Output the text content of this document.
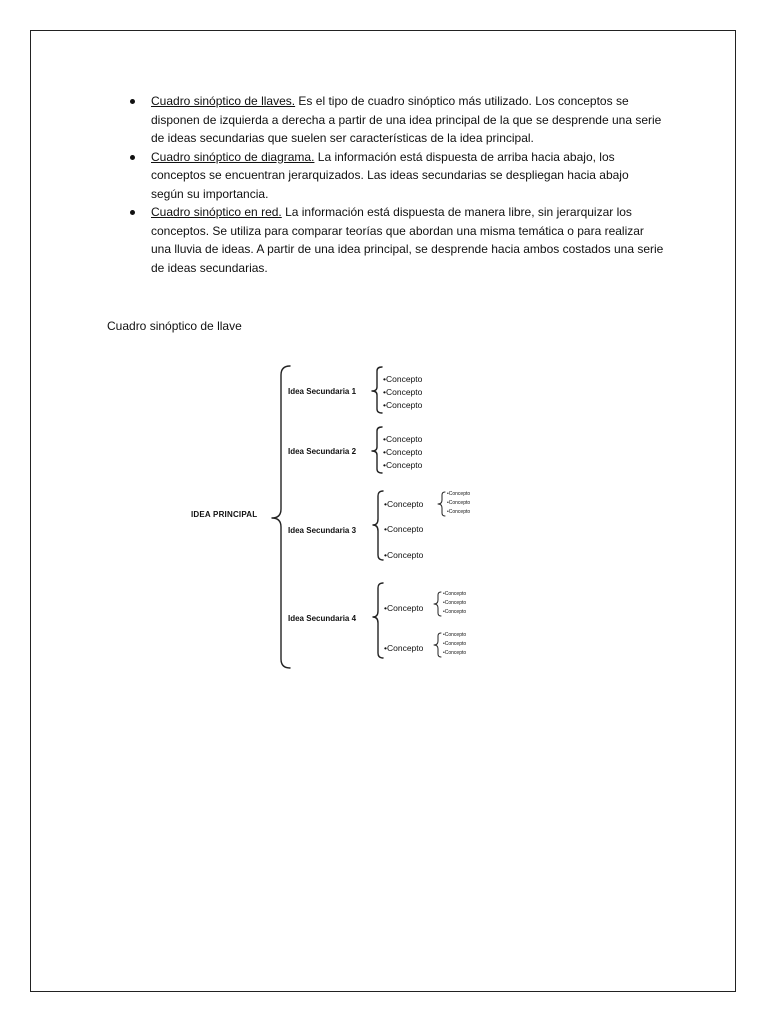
Cuadro sinóptico de llaves. Es el tipo de cuadro sinóptico más utilizado. Los conceptos se disponen de izquierda a derecha a partir de una idea principal de la que se desprende una serie de ideas secundarias que suelen ser características de la idea principal.
Cuadro sinóptico de diagrama. La información está dispuesta de arriba hacia abajo, los conceptos se encuentran jerarquizados. Las ideas secundarias se despliegan hacia abajo según su importancia.
Cuadro sinóptico en red. La información está dispuesta de manera libre, sin jerarquizar los conceptos. Se utiliza para comparar teorías que abordan una misma temática o para realizar una lluvia de ideas. A partir de una idea principal, se desprende hacia ambos costados una serie de ideas secundarias.
Cuadro sinóptico de llave
IDEA PRINCIPAL
Idea Secundaria 1
Idea Secundaria 2
Idea Secundaria 3
Idea Secundaria 4
•Concepto
•Concepto
•Concepto
•Concepto
•Concepto
•Concepto
•Concepto
•Concepto
•Concepto
•Concepto
•Concepto
•Concepto
•Concepto
•Concepto
•Concepto
•Concepto
•Concepto
•Concepto
•Concepto
•Concepto
